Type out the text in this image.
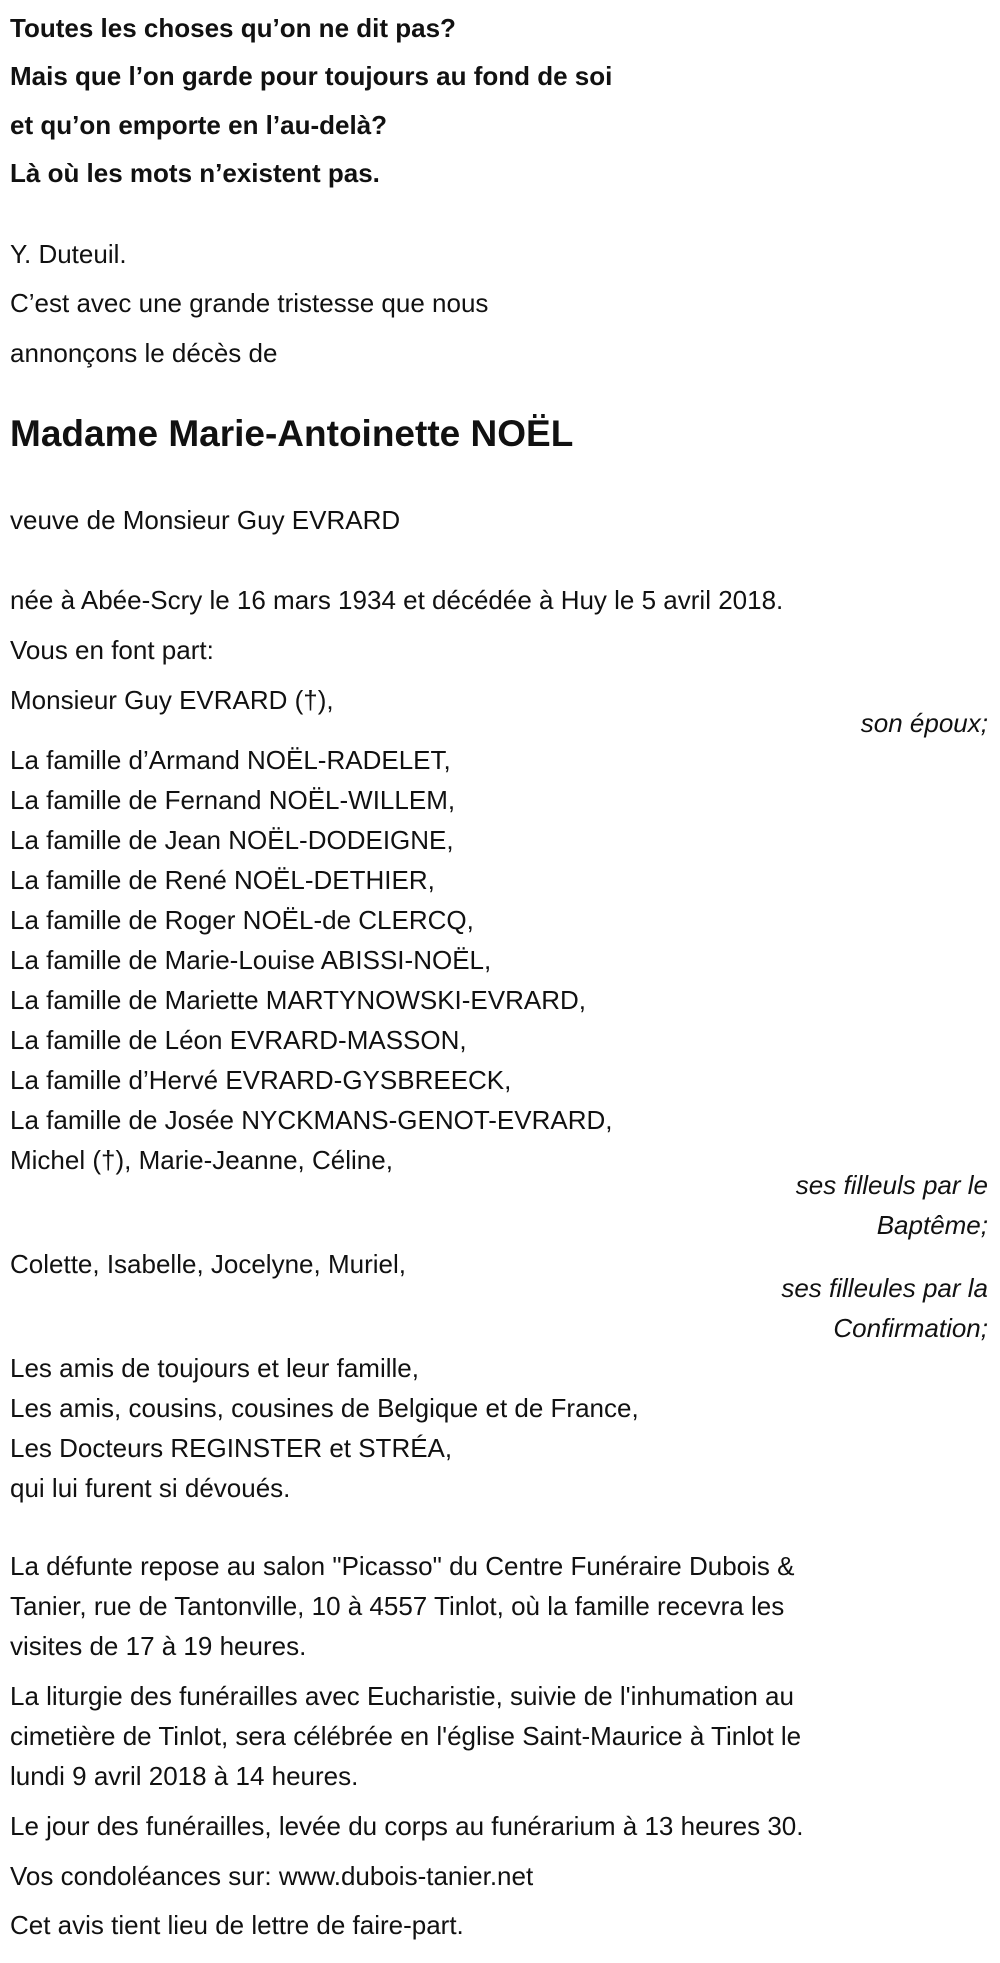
Toutes les choses qu’on ne dit pas?
Mais que l’on garde pour toujours au fond de soi
et qu’on emporte en l’au-delà?
Là où les mots n’existent pas.
Y. Duteuil.
C’est avec une grande tristesse que nous
annonçons le décès de
Madame Marie-Antoinette NOËL
veuve de Monsieur Guy EVRARD
née à Abée-Scry le 16 mars 1934 et décédée à Huy le 5 avril 2018.
Vous en font part:
Monsieur Guy EVRARD (†),
son époux;
La famille d’Armand NOËL-RADELET,
La famille de Fernand NOËL-WILLEM,
La famille de Jean NOËL-DODEIGNE,
La famille de René NOËL-DETHIER,
La famille de Roger NOËL-de CLERCQ,
La famille de Marie-Louise ABISSI-NOËL,
La famille de Mariette MARTYNOWSKI-EVRARD,
La famille de Léon EVRARD-MASSON,
La famille d’Hervé EVRARD-GYSBREECK,
La famille de Josée NYCKMANS-GENOT-EVRARD,
Michel (†), Marie-Jeanne, Céline,
ses filleuls par le
Baptême;
Colette, Isabelle, Jocelyne, Muriel,
ses filleules par la
Confirmation;
Les amis de toujours et leur famille,
Les amis, cousins, cousines de Belgique et de France,
Les Docteurs REGINSTER et STRÉA,
qui lui furent si dévoués.
La défunte repose au salon "Picasso" du Centre Funéraire Dubois &
Tanier, rue de Tantonville, 10 à 4557 Tinlot, où la famille recevra les
visites de 17 à 19 heures.
La liturgie des funérailles avec Eucharistie, suivie de l'inhumation au
cimetière de Tinlot, sera célébrée en l'église Saint-Maurice à Tinlot le
lundi 9 avril 2018 à 14 heures.
Le jour des funérailles, levée du corps au funérarium à 13 heures 30.
Vos condoléances sur: www.dubois-tanier.net
Cet avis tient lieu de lettre de faire-part.
